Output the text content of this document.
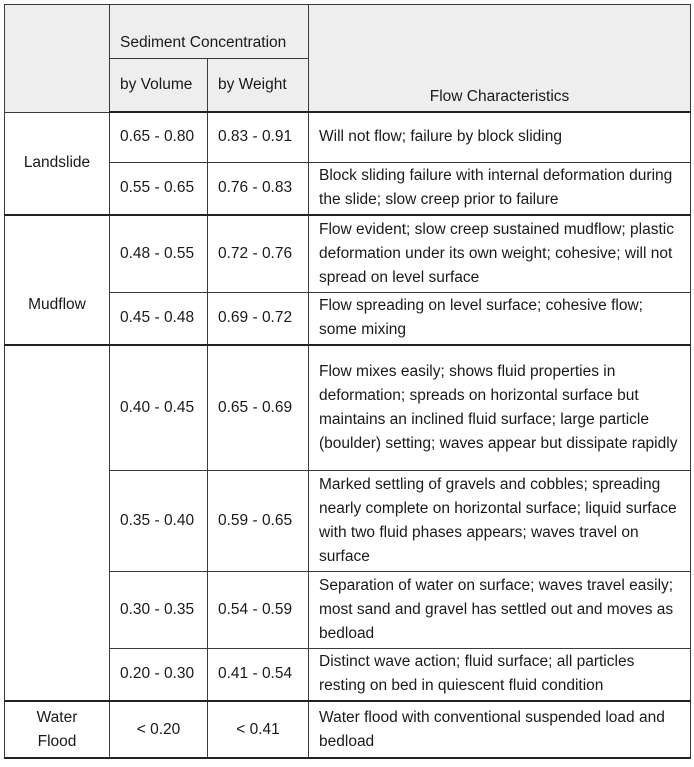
	Sediment Concentration		Flow Characteristics
	by Volume	by Weight	
Landslide	0.65 - 0.80	0.83 - 0.91	Will not flow; failure by block sliding
	0.55 - 0.65	0.76 - 0.83	Block sliding failure with internal deformation during the slide; slow creep prior to failure
Mudflow	0.48 - 0.55	0.72 - 0.76	Flow evident; slow creep sustained mudflow; plastic deformation under its own weight; cohesive; will not spread on level surface
	0.45 - 0.48	0.69 - 0.72	Flow spreading on level surface; cohesive flow; some mixing
	0.40 - 0.45	0.65 - 0.69	Flow mixes easily; shows fluid properties in deformation; spreads on horizontal surface but maintains an inclined fluid surface; large particle (boulder) setting; waves appear but dissipate rapidly
	0.35 - 0.40	0.59 - 0.65	Marked settling of gravels and cobbles; spreading nearly complete on horizontal surface; liquid surface with two fluid phases appears; waves travel on surface
	0.30 - 0.35	0.54 - 0.59	Separation of water on surface; waves travel easily; most sand and gravel has settled out and moves as bedload
	0.20 - 0.30	0.41 - 0.54	Distinct wave action; fluid surface; all particles resting on bed in quiescent fluid condition
Water Flood	< 0.20	< 0.41	Water flood with conventional suspended load and bedload
